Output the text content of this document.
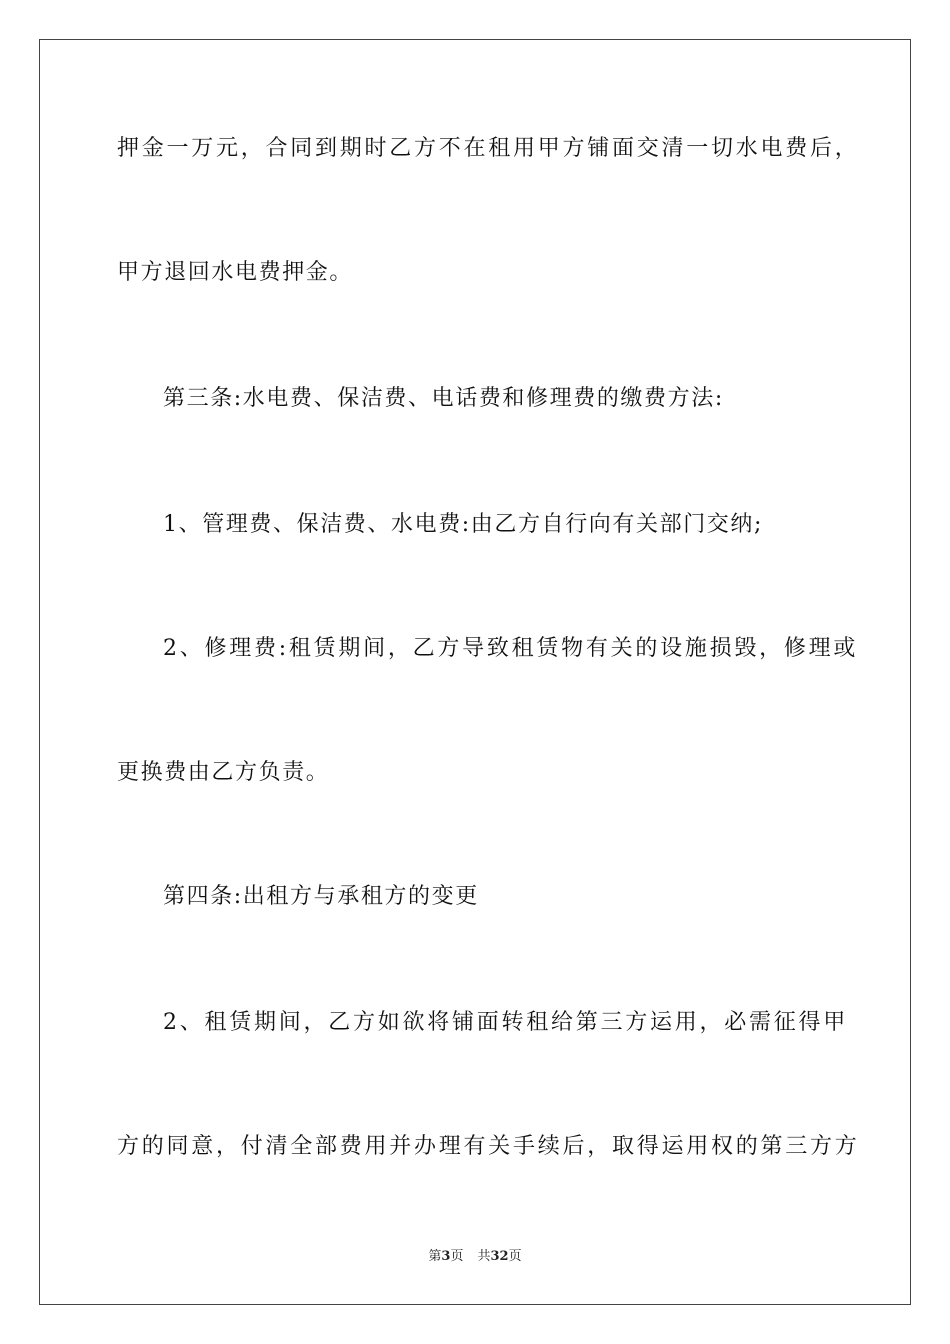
押金一万元，合同到期时乙方不在租用甲方铺面交清一切水电费后，
甲方退回水电费押金。
第三条:水电费、保洁费、电话费和修理费的缴费方法:
1、管理费、保洁费、水电费:由乙方自行向有关部门交纳;
2、修理费:租赁期间，乙方导致租赁物有关的设施损毁，修理或
更换费由乙方负责。
第四条:出租方与承租方的变更
2、租赁期间，乙方如欲将铺面转租给第三方运用，必需征得甲
方的同意，付清全部费用并办理有关手续后，取得运用权的第三方方
第3页 共32页
